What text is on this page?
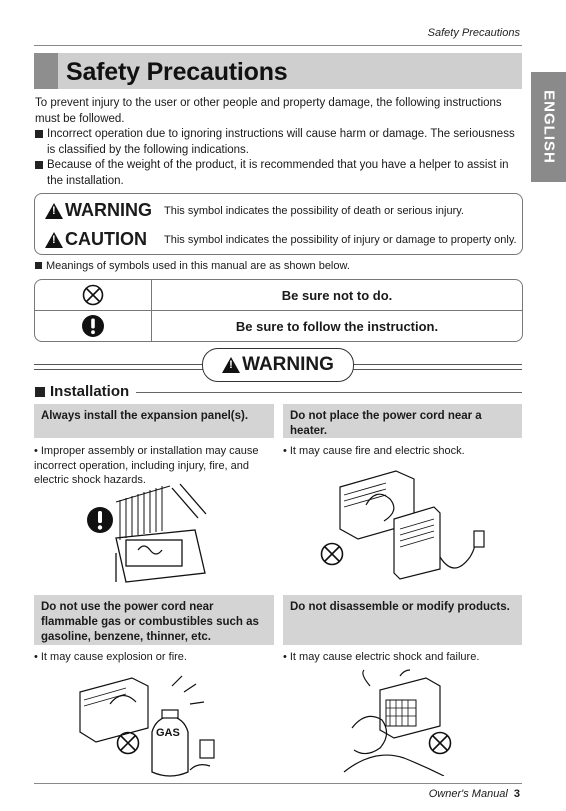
Safety Precautions
Safety Precautions
ENGLISH

To prevent injury to the user or other people and property damage, the following instructions must be followed.

Incorrect operation due to ignoring instructions will cause harm or damage. The seriousness is classified by the following indications.

Because of the weight of the product, it is recommended that you have a helper to assist in the installation.

!
WARNING This symbol indicates the possibility of death or serious injury.
!
CAUTION This symbol indicates the possibility of injury or damage to property only.
Meanings of symbols used in this manual are as shown below.
Be sure not to do.
Be sure to follow the instruction.
!
WARNING
Installation
Always install the expansion panel(s).
• Improper assembly or installation may cause incorrect operation, including injury, fire, and electric shock hazards.
Do not place the power cord near a heater.
• It may cause fire and electric shock.
Do not use the power cord near flammable gas or combustibles such as gasoline, benzene, thinner, etc.
• It may cause explosion or fire.
GAS
Do not disassemble or modify products.
• It may cause electric shock and failure.
Owner's Manual 3
